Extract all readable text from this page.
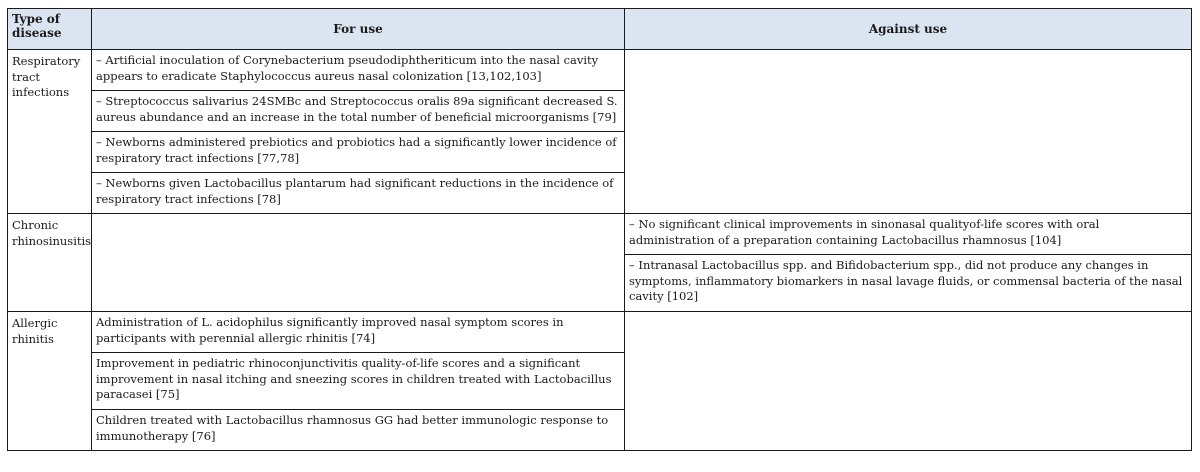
Type of disease	For use	Against use
Respiratory tract infections	– Artificial inoculation of Corynebacterium pseudodiphtheriticum into the nasal cavity appears to eradicate Staphylococcus aureus nasal colonization [13,102,103]	
	– Streptococcus salivarius 24SMBc and Streptococcus oralis 89a significant decreased S. aureus abundance and an increase in the total number of beneficial microorganisms [79]	
	– Newborns administered prebiotics and probiotics had a significantly lower incidence of respiratory tract infections [77,78]	
	– Newborns given Lactobacillus plantarum had significant reductions in the incidence of respiratory tract infections [78]	
Chronic rhinosinusitis		– No significant clinical improvements in sinonasal qualityof-life scores with oral administration of a preparation containing Lactobacillus rhamnosus [104]
		– Intranasal Lactobacillus spp. and Bifidobacterium spp., did not produce any changes in symptoms, inflammatory biomarkers in nasal lavage fluids, or commensal bacteria of the nasal cavity [102]
Allergic rhinitis	Administration of L. acidophilus significantly improved nasal symptom scores in participants with perennial allergic rhinitis [74]	
	Improvement in pediatric rhinoconjunctivitis quality-of-life scores and a significant improvement in nasal itching and sneezing scores in children treated with Lactobacillus paracasei [75]	
	Children treated with Lactobacillus rhamnosus GG had better immunologic response to immunotherapy [76]	
